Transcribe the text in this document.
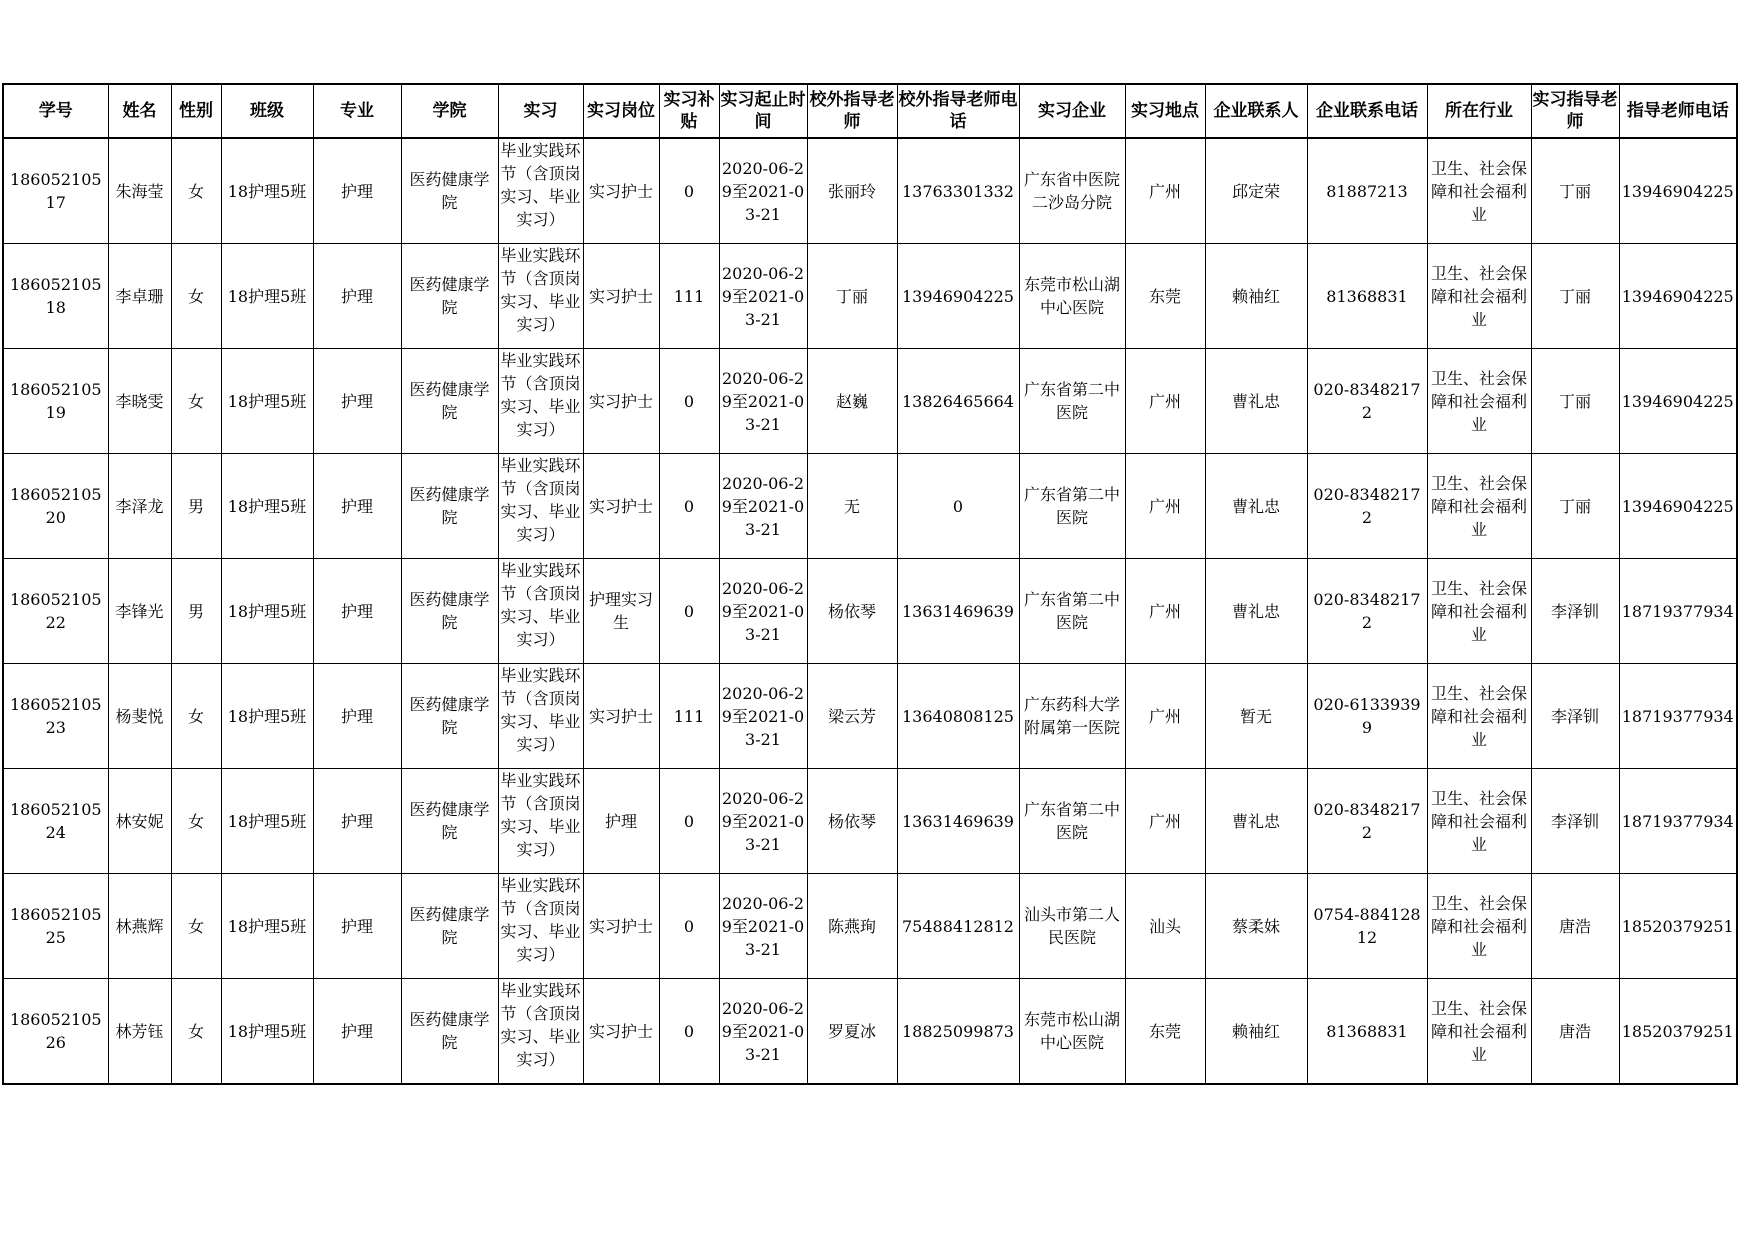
学号	姓名	性别	班级	专业	学院	实习	实习岗位	实习补贴	实习起止时间	校外指导老师	校外指导老师电话	实习企业	实习地点	企业联系人	企业联系电话	所在行业	实习指导老师	指导老师电话
18605210517	朱海莹	女	18护理5班	护理	医药健康学院	毕业实践环节（含顶岗实习、毕业实习）	实习护士	0	2020-06-29至2021-03-21	张丽玲	13763301332	广东省中医院二沙岛分院	广州	邱定荣	81887213	卫生、社会保障和社会福利业	丁丽	13946904225
18605210518	李卓珊	女	18护理5班	护理	医药健康学院	毕业实践环节（含顶岗实习、毕业实习）	实习护士	111	2020-06-29至2021-03-21	丁丽	13946904225	东莞市松山湖中心医院	东莞	赖袖红	81368831	卫生、社会保障和社会福利业	丁丽	13946904225
18605210519	李晓雯	女	18护理5班	护理	医药健康学院	毕业实践环节（含顶岗实习、毕业实习）	实习护士	0	2020-06-29至2021-03-21	赵巍	13826465664	广东省第二中医院	广州	曹礼忠	020-83482172	卫生、社会保障和社会福利业	丁丽	13946904225
18605210520	李泽龙	男	18护理5班	护理	医药健康学院	毕业实践环节（含顶岗实习、毕业实习）	实习护士	0	2020-06-29至2021-03-21	无	0	广东省第二中医院	广州	曹礼忠	020-83482172	卫生、社会保障和社会福利业	丁丽	13946904225
18605210522	李锋光	男	18护理5班	护理	医药健康学院	毕业实践环节（含顶岗实习、毕业实习）	护理实习生	0	2020-06-29至2021-03-21	杨依琴	13631469639	广东省第二中医院	广州	曹礼忠	020-83482172	卫生、社会保障和社会福利业	李泽钏	18719377934
18605210523	杨斐悦	女	18护理5班	护理	医药健康学院	毕业实践环节（含顶岗实习、毕业实习）	实习护士	111	2020-06-29至2021-03-21	梁云芳	13640808125	广东药科大学附属第一医院	广州	暂无	020-61339399	卫生、社会保障和社会福利业	李泽钏	18719377934
18605210524	林安妮	女	18护理5班	护理	医药健康学院	毕业实践环节（含顶岗实习、毕业实习）	护理	0	2020-06-29至2021-03-21	杨依琴	13631469639	广东省第二中医院	广州	曹礼忠	020-83482172	卫生、社会保障和社会福利业	李泽钏	18719377934
18605210525	林燕辉	女	18护理5班	护理	医药健康学院	毕业实践环节（含顶岗实习、毕业实习）	实习护士	0	2020-06-29至2021-03-21	陈燕珣	75488412812	汕头市第二人民医院	汕头	蔡柔妹	0754-88412812	卫生、社会保障和社会福利业	唐浩	18520379251
18605210526	林芳钰	女	18护理5班	护理	医药健康学院	毕业实践环节（含顶岗实习、毕业实习）	实习护士	0	2020-06-29至2021-03-21	罗夏冰	18825099873	东莞市松山湖中心医院	东莞	赖袖红	81368831	卫生、社会保障和社会福利业	唐浩	18520379251
